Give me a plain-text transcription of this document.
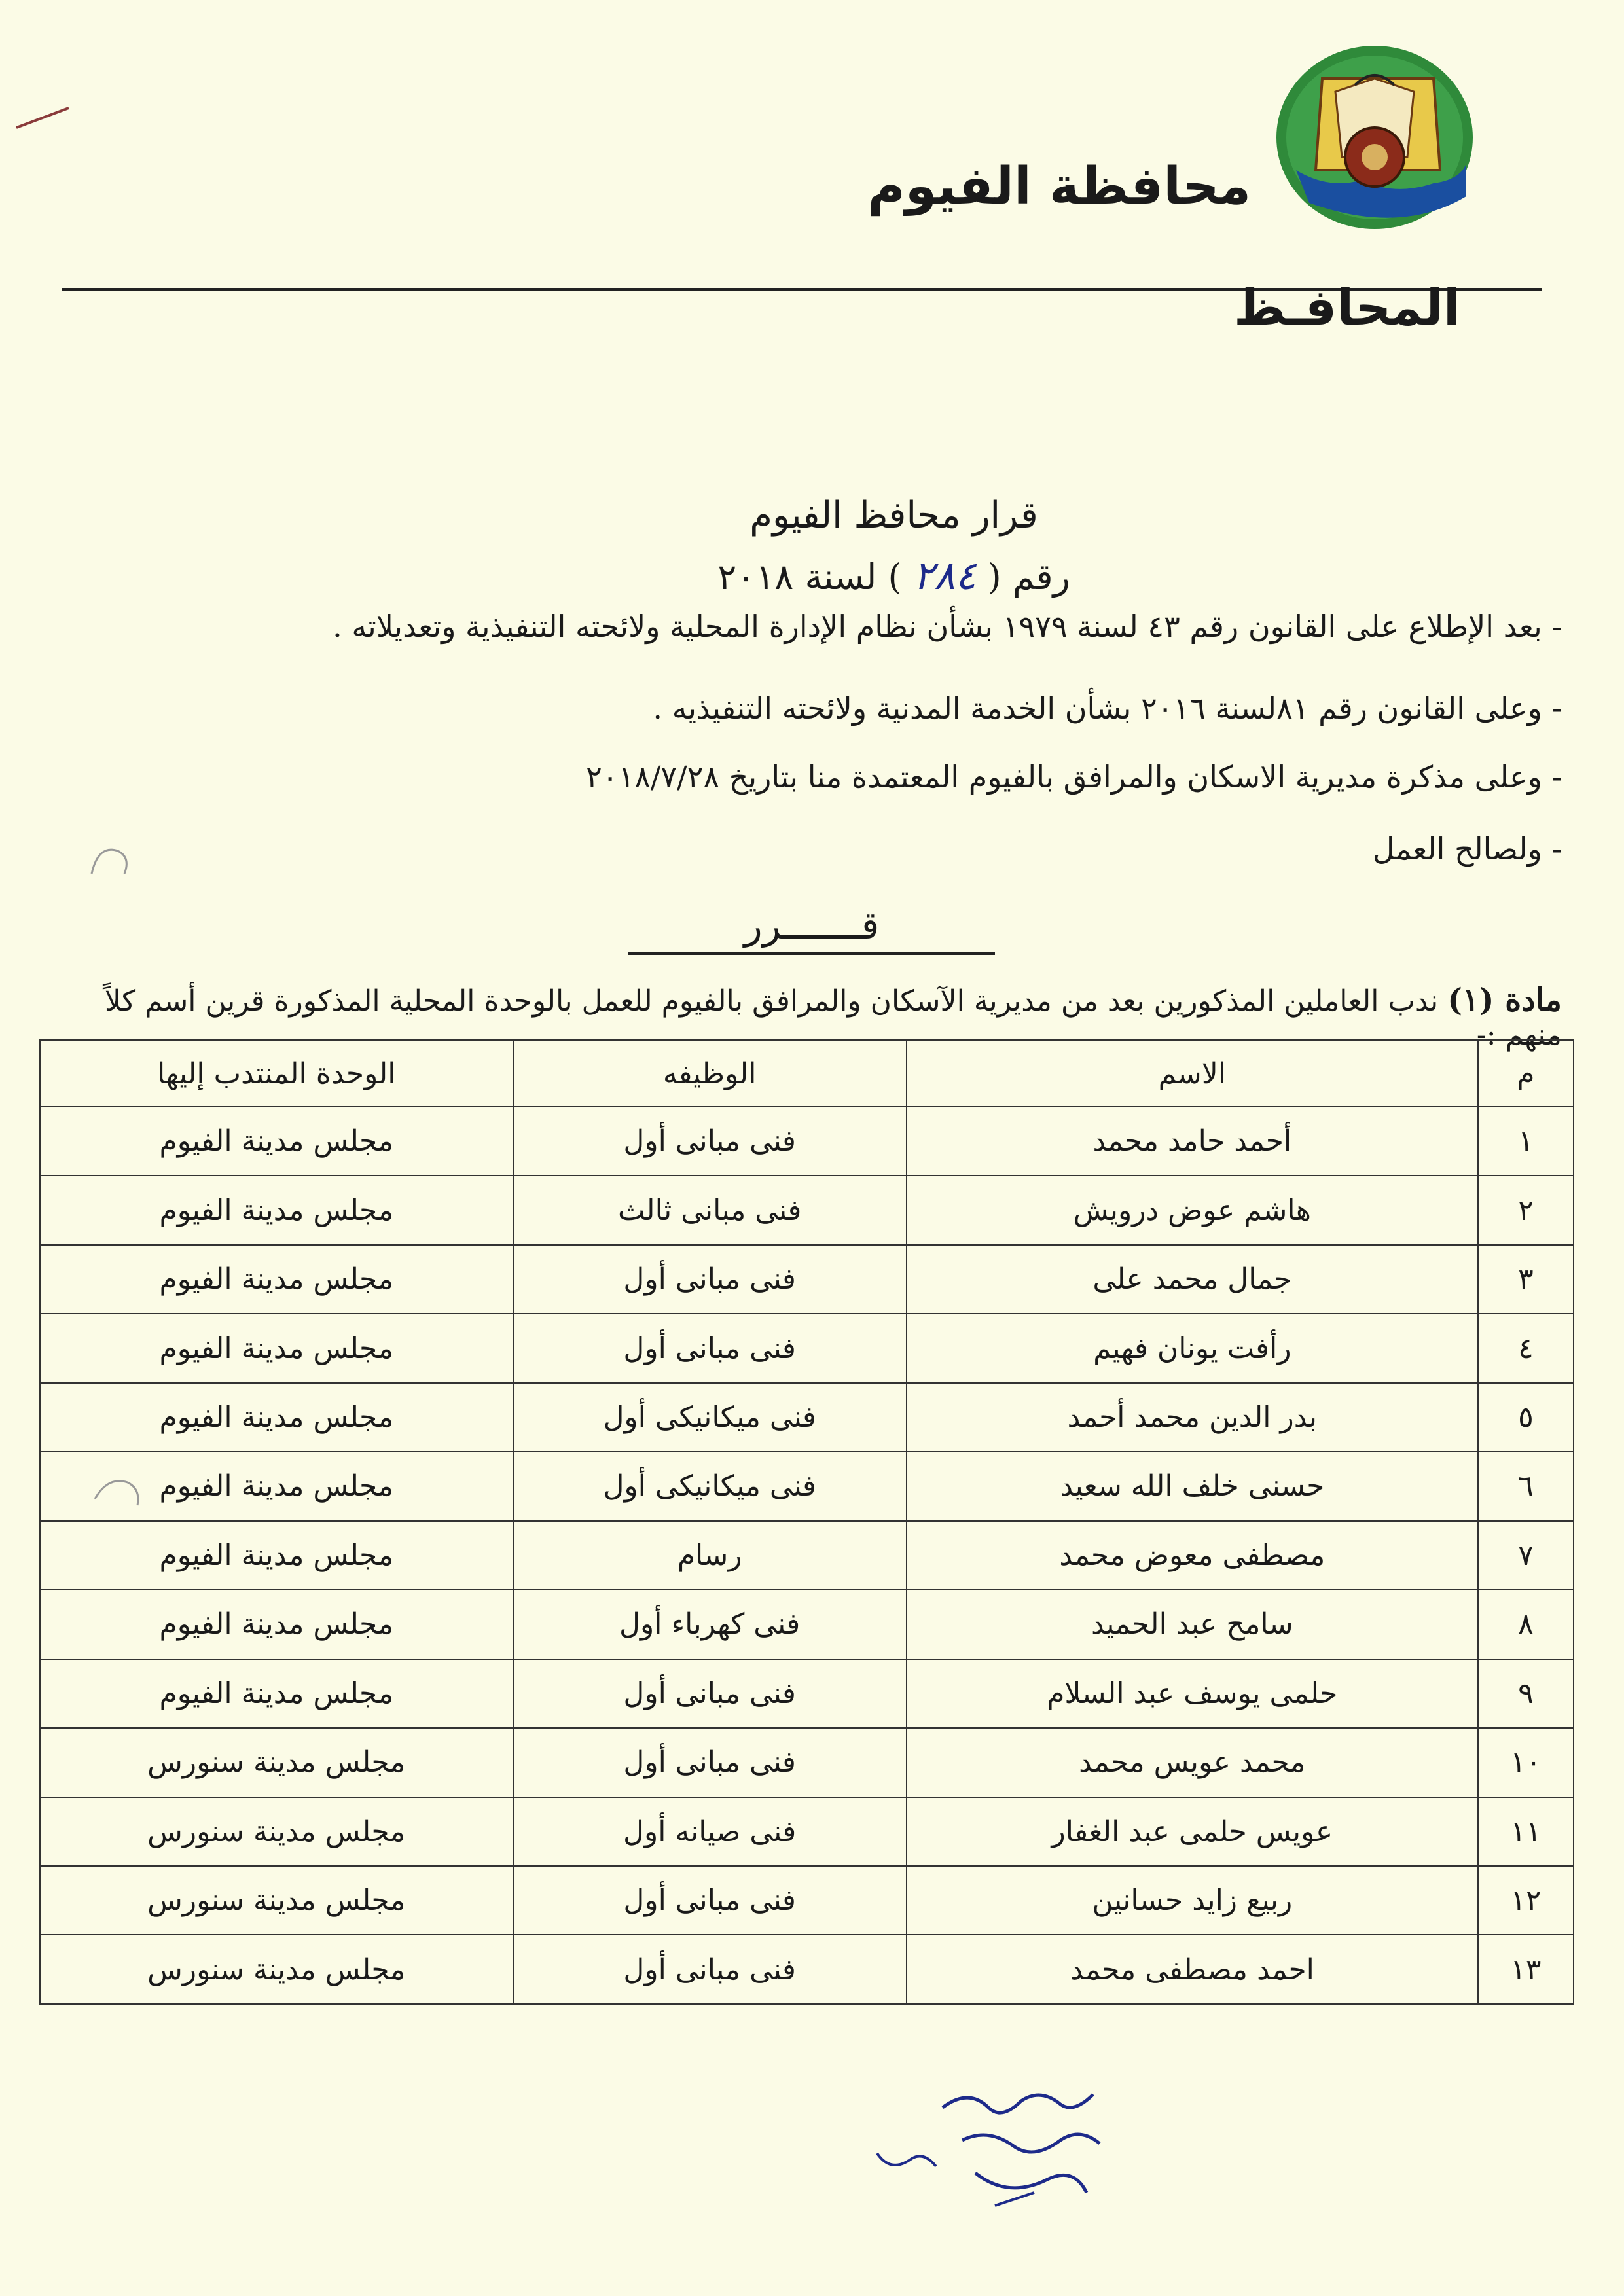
محافظة الفيوم
المحافـظ
قرار محافظ الفيوم
رقم ( ٢٨٤ ) لسنة ٢٠١٨
- بعد الإطلاع على القانون رقم ٤٣ لسنة ١٩٧٩ بشأن نظام الإدارة المحلية ولائحته التنفيذية وتعديلاته .
- وعلى القانون رقم ٨١لسنة ٢٠١٦ بشأن الخدمة المدنية ولائحته التنفيذيه .
- وعلى مذكرة مديرية الاسكان والمرافق بالفيوم المعتمدة منا بتاريخ ٢٠١٨/٧/٢٨
- ولصالح العمل
قـــــــرر
مادة (١) ندب العاملين المذكورين بعد من مديرية الآسكان والمرافق بالفيوم للعمل بالوحدة المحلية المذكورة قرين أسم كلاً منهم :-
م	الاسم	الوظيفه	الوحدة المنتدب إليها
١	أحمد حامد محمد	فنى مبانى أول	مجلس مدينة الفيوم
٢	هاشم عوض درويش	فنى مبانى ثالث	مجلس مدينة الفيوم
٣	جمال محمد على	فنى مبانى أول	مجلس مدينة الفيوم
٤	رأفت يونان فهيم	فنى مبانى أول	مجلس مدينة الفيوم
٥	بدر الدين محمد أحمد	فنى ميكانيكى أول	مجلس مدينة الفيوم
٦	حسنى خلف الله سعيد	فنى ميكانيكى أول	مجلس مدينة الفيوم
٧	مصطفى معوض محمد	رسام	مجلس مدينة الفيوم
٨	سامح عبد الحميد	فنى كهرباء أول	مجلس مدينة الفيوم
٩	حلمى يوسف عبد السلام	فنى مبانى أول	مجلس مدينة الفيوم
١٠	محمد عويس محمد	فنى مبانى أول	مجلس مدينة سنورس
١١	عويس حلمى عبد الغفار	فنى صيانه أول	مجلس مدينة سنورس
١٢	ربيع زايد حسانين	فنى مبانى أول	مجلس مدينة سنورس
١٣	احمد مصطفى محمد	فنى مبانى أول	مجلس مدينة سنورس
